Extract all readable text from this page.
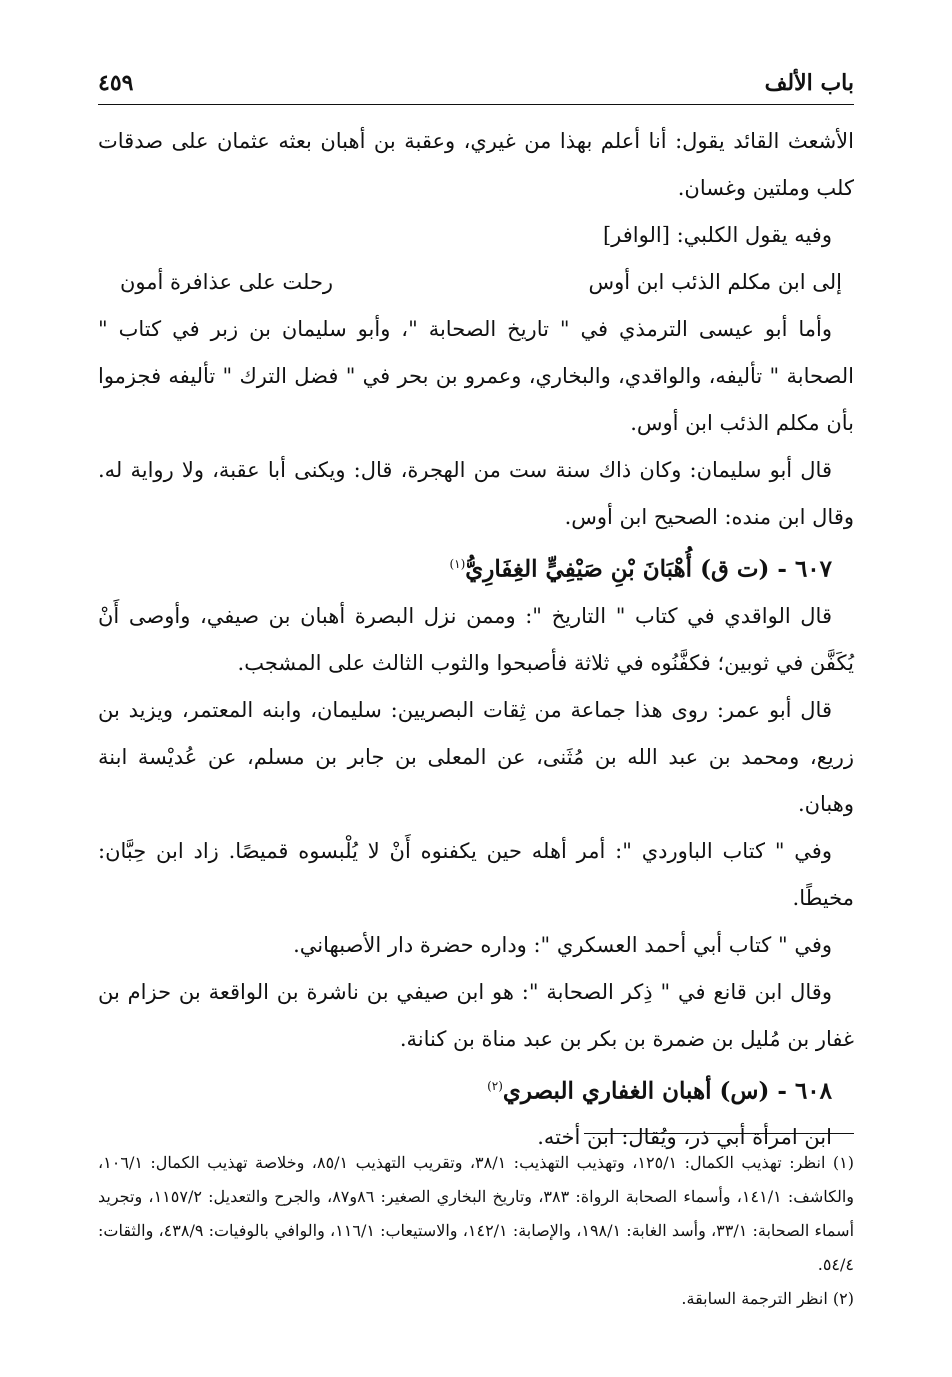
باب الألف
٤٥٩

الأشعث القائد يقول: أنا أعلم بهذا من غيري، وعقبة بن أهبان بعثه عثمان على صدقات كلب وملتين وغسان.

وفيه يقول الكلبي: [الوافر]

إلى ابن مكلم الذئب ابن أوس
رحلت على عذافرة أمون

وأما أبو عيسى الترمذي في " تاريخ الصحابة "، وأبو سليمان بن زبر في كتاب " الصحابة " تأليفه، والواقدي، والبخاري، وعمرو بن بحر في " فضل الترك " تأليفه فجزموا بأن مكلم الذئب ابن أوس.

قال أبو سليمان: وكان ذاك سنة ست من الهجرة، قال: ويكنى أبا عقبة، ولا رواية له. وقال ابن منده: الصحيح ابن أوس.

٦٠٧ - (ت ق) أُهْبَانَ بْنِ صَيْفِيٍّ الغِفَارِيُّ$^{(١)}$

قال الواقدي في كتاب " التاريخ ": وممن نزل البصرة أهبان بن صيفي، وأوصى أَنْ يُكَفَّن في ثوبين؛ فكفَّنُوه في ثلاثة فأصبحوا والثوب الثالث على المشجب.

قال أبو عمر: روى هذا جماعة من ثِقات البصريين: سليمان، وابنه المعتمر، ويزيد بن زريع، ومحمد بن عبد الله بن مُثَنى، عن المعلى بن جابر بن مسلم، عن عُديْسة ابنة وهبان.

وفي " كتاب الباوردي ": أمر أهله حين يكفنوه أَنْ لا يُلْبسوه قميصًا. زاد ابن حِبَّان: مخيطًا.

وفي " كتاب أبي أحمد العسكري ": وداره حضرة دار الأصبهاني.

وقال ابن قانع في " ذِكر الصحابة ": هو ابن صيفي بن ناشرة بن الواقعة بن حزام بن غفار بن مُليل بن ضمرة بن بكر بن عبد مناة بن كنانة.

٦٠٨ - (س) أهبان الغفاري البصري$^{(٢)}$

ابن امرأة أبي ذر، ويُقال: ابن أخته.

(١) انظر: تهذيب الكمال: ١٢٥/١، وتهذيب التهذيب: ٣٨/١، وتقريب التهذيب ٨٥/١، وخلاصة تهذيب الكمال: ١٠٦/١، والكاشف: ١٤١/١، وأسماء الصحابة الرواة: ٣٨٣، وتاريخ البخاري الصغير: ٨٦و٨٧، والجرح والتعديل: ١١٥٧/٢، وتجريد أسماء الصحابة: ٣٣/١، وأسد الغابة: ١٩٨/١، والإصابة: ١٤٢/١، والاستيعاب: ١١٦/١، والوافي بالوفيات: ٤٣٨/٩، والثقات: ٥٤/٤.

(٢) انظر الترجمة السابقة.
